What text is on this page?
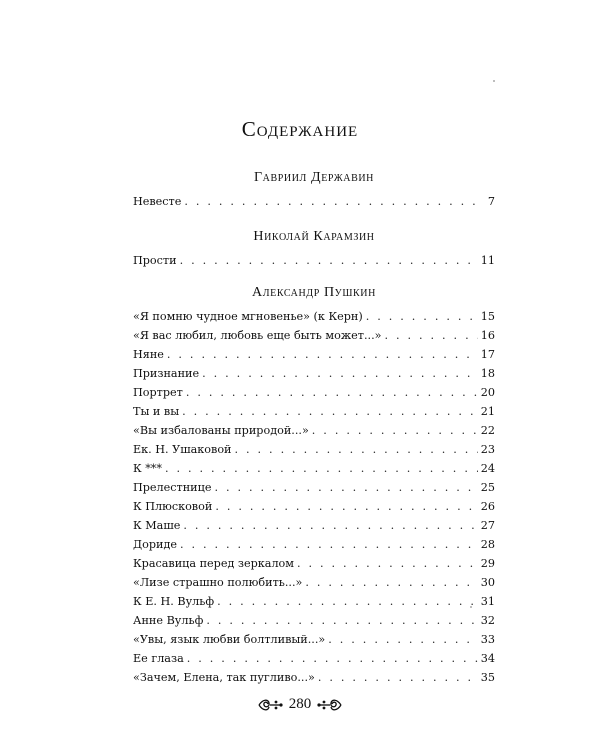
Содержание
Гавриил Державин
Невесте . . .	7
Николай Карамзин
Прости . . .	11
Александр Пушкин
«Я помню чудное мгновенье» (к Керн) . . .	15
«Я вас любил, любовь еще быть может...» . . .	16
Няне . . .	17
Признание . . .	18
Портрет . . .	20
Ты и вы . . .	21
«Вы избалованы природой...» . . .	22
Ек. Н. Ушаковой . . .	23
К *** . . .	24
Прелестнице . . .	25
К Плюсковой . . .	26
К Маше . . .	27
Дориде . . .	28
Красавица перед зеркалом . . .	29
«Лизе страшно полюбить...» . . .	30
К Е. Н. Вульф . . .	31
Анне Вульф . . .	32
«Увы, язык любви болтливый...» . . .	33
Ее глаза . . .	34
«Зачем, Елена, так пугливо...» . . .	35
280
